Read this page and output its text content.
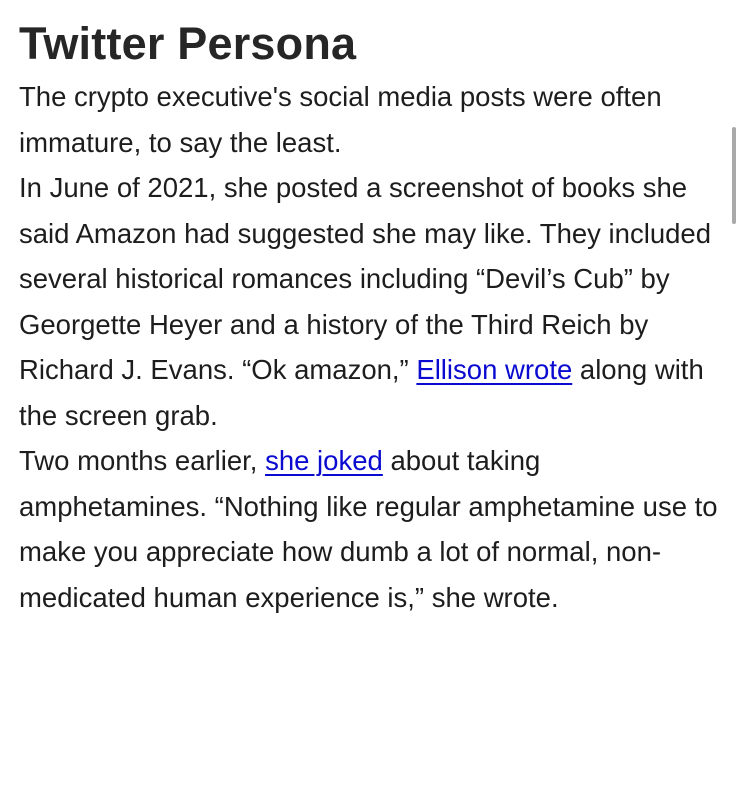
Twitter Persona

The crypto executive's social media posts were often immature, to say the least.

In June of 2021, she posted a screenshot of books she said Amazon had suggested she may like. They included several historical romances including “Devil’s Cub” by Georgette Heyer and a history of the Third Reich by Richard J. Evans. “Ok amazon,” Ellison wrote along with the screen grab.

Two months earlier, she joked about taking amphetamines. “Nothing like regular amphetamine use to make you appreciate how dumb a lot of normal, non-medicated human experience is,” she wrote.
